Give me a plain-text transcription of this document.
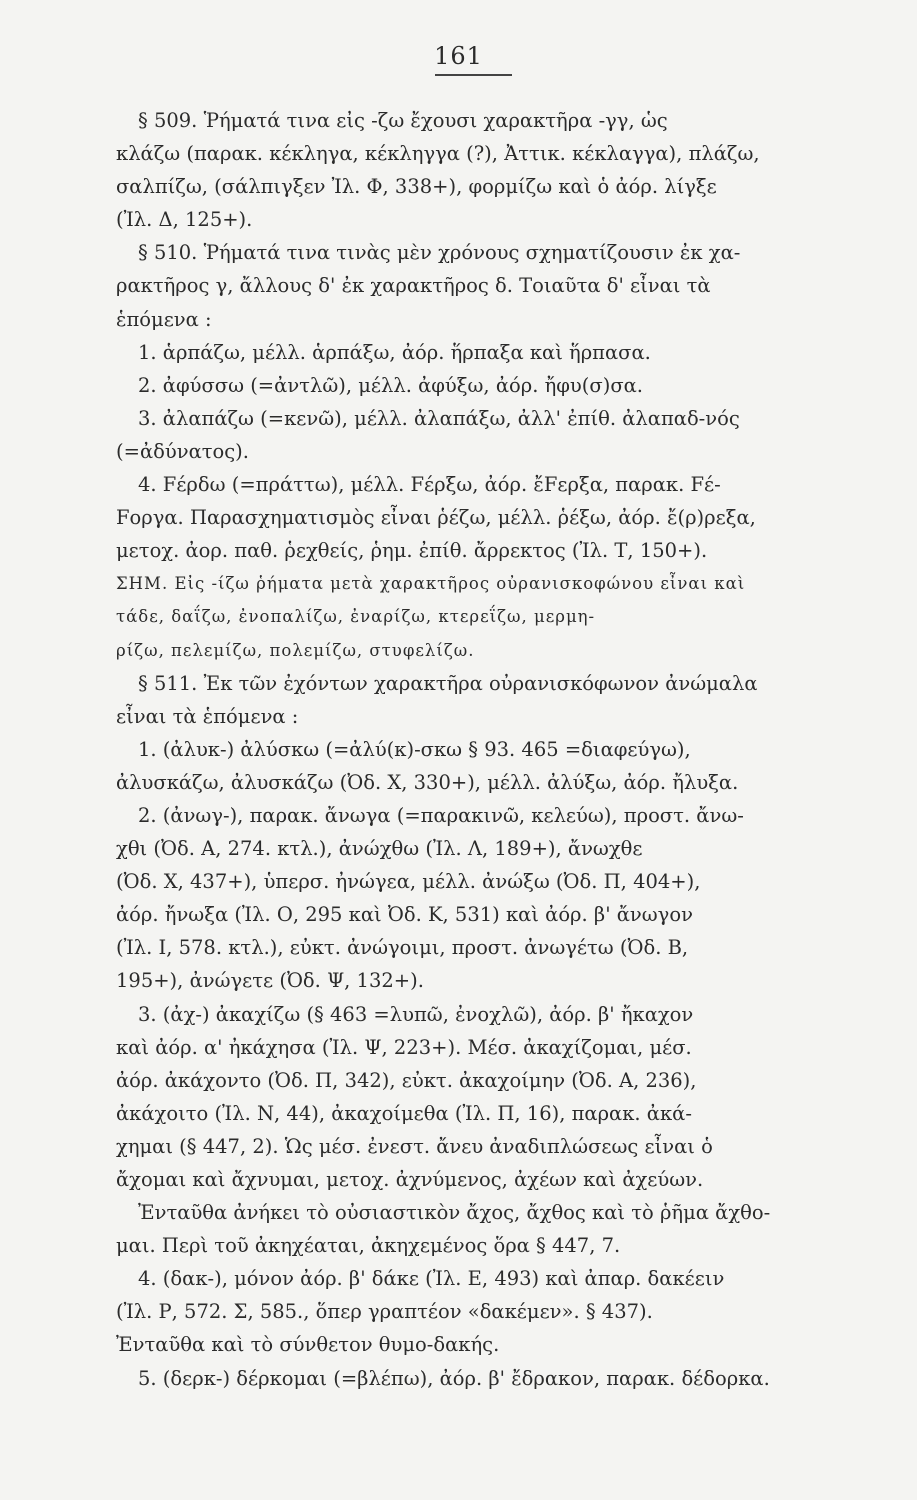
161
§ 509. Ῥήματά τινα εἰς -ζω ἔχουσι χαρακτῆρα -γγ, ὡς
κλάζω (παρακ. κέκληγα, κέκληγγα (?), Ἀττικ. κέκλαγγα), πλάζω,
σαλπίζω, (σάλπιγξεν Ἰλ. Φ, 338+), φορμίζω καὶ ὁ ἀόρ. λίγξε
(Ἰλ. Δ, 125+).
§ 510. Ῥήματά τινα τινὰς μὲν χρόνους σχηματίζουσιν ἐκ χα-
ρακτῆρος γ, ἄλλους δ' ἐκ χαρακτῆρος δ. Τοιαῦτα δ' εἶναι τὰ
ἑπόμενα :
1. ἁρπάζω, μέλλ. ἁρπάξω, ἀόρ. ἥρπαξα καὶ ἥρπασα.
2. ἀφύσσω (=ἀντλῶ), μέλλ. ἀφύξω, ἀόρ. ἤφυ(σ)σα.
3. ἀλαπάζω (=κενῶ), μέλλ. ἀλαπάξω, ἀλλ' ἐπίθ. ἀλαπαδ-νός
(=ἀδύνατος).
4. Fέρδω (=πράττω), μέλλ. Fέρξω, ἀόρ. ἔFερξα, παρακ. Fέ-
Fοργα. Παρασχηματισμὸς εἶναι ῥέζω, μέλλ. ῥέξω, ἀόρ. ἔ(ρ)ρεξα,
μετοχ. ἀορ. παθ. ῥεχθείς, ῥημ. ἐπίθ. ἄρρεκτος (Ἰλ. Τ, 150+).
ΣΗΜ. Εἰς -ίζω ῥήματα μετὰ χαρακτῆρος οὐρανισκοφώνου εἶναι καὶ
τάδε, δαΐζω, ἐνοπαλίζω, ἐναρίζω, κτερεΐζω, μερμη-
ρίζω, πελεμίζω, πολεμίζω, στυφελίζω.
§ 511. Ἐκ τῶν ἐχόντων χαρακτῆρα οὐρανισκόφωνον ἀνώμαλα
εἶναι τὰ ἑπόμενα :
1. (ἀλυκ-) ἀλύσκω (=ἀλύ(κ)-σκω § 93. 465 =διαφεύγω),
ἀλυσκάζω, ἀλυσκάζω (Ὀδ. Χ, 330+), μέλλ. ἀλύξω, ἀόρ. ἤλυξα.
2. (ἀνωγ-), παρακ. ἄνωγα (=παρακινῶ, κελεύω), προστ. ἄνω-
χθι (Ὀδ. Α, 274. κτλ.), ἀνώχθω (Ἰλ. Λ, 189+), ἄνωχθε
(Ὀδ. Χ, 437+), ὑπερσ. ἠνώγεα, μέλλ. ἀνώξω (Ὀδ. Π, 404+),
ἀόρ. ἤνωξα (Ἰλ. Ο, 295 καὶ Ὀδ. Κ, 531) καὶ ἀόρ. β' ἄνωγον
(Ἰλ. Ι, 578. κτλ.), εὐκτ. ἀνώγοιμι, προστ. ἀνωγέτω (Ὀδ. Β,
195+), ἀνώγετε (Ὀδ. Ψ, 132+).
3. (ἀχ-) ἀκαχίζω (§ 463 =λυπῶ, ἐνοχλῶ), ἀόρ. β' ἤκαχον
καὶ ἀόρ. α' ἠκάχησα (Ἰλ. Ψ, 223+). Μέσ. ἀκαχίζομαι, μέσ.
ἀόρ. ἀκάχοντο (Ὀδ. Π, 342), εὐκτ. ἀκαχοίμην (Ὀδ. Α, 236),
ἀκάχοιτο (Ἰλ. Ν, 44), ἀκαχοίμεθα (Ἰλ. Π, 16), παρακ. ἀκά-
χημαι (§ 447, 2). Ὡς μέσ. ἐνεστ. ἄνευ ἀναδιπλώσεως εἶναι ὁ
ἄχομαι καὶ ἄχνυμαι, μετοχ. ἀχνύμενος, ἀχέων καὶ ἀχεύων.
Ἐνταῦθα ἀνήκει τὸ οὐσιαστικὸν ἄχος, ἄχθος καὶ τὸ ῥῆμα ἄχθο-
μαι. Περὶ τοῦ ἀκηχέαται, ἀκηχεμένος ὅρα § 447, 7.
4. (δακ-), μόνον ἀόρ. β' δάκε (Ἰλ. Ε, 493) καὶ ἀπαρ. δακέειν
(Ἰλ. Ρ, 572. Σ, 585., ὅπερ γραπτέον «δακέμεν». § 437).
Ἐνταῦθα καὶ τὸ σύνθετον θυμο-δακής.
5. (δερκ-) δέρκομαι (=βλέπω), ἀόρ. β' ἔδρακον, παρακ. δέδορκα.
